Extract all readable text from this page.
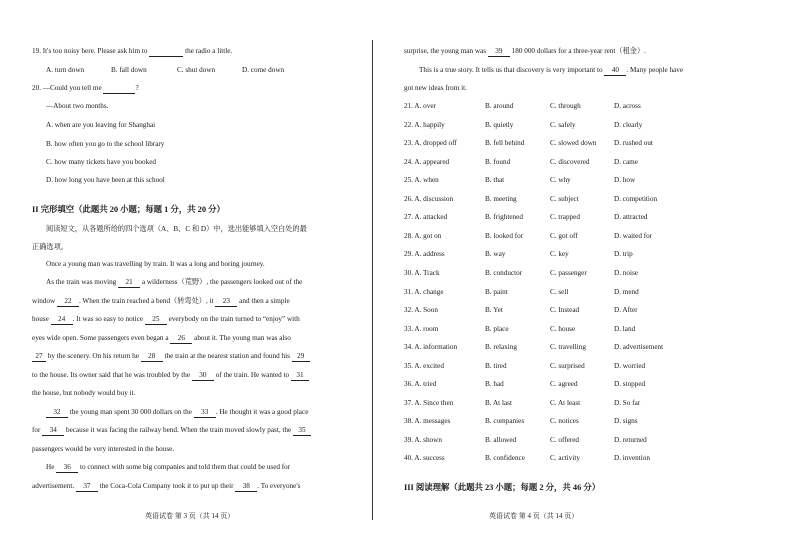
19. It's too noisy here. Please ask him to	the radio a little.
A. turn down	B. fall down	C. shut down	D. come down
20. —Could you tell me	?
—About two months.
A. when are you leaving for Shanghai
B. how often you go to the school library
C. how many tickets have you booked
D. how long you have been at this school
II 完形填空（此题共 20 小题；每题 1 分，共 20 分）
阅读短文，从各题所给的四个选项（A、B、C 和 D）中，选出能够填入空白处的最
正确选项。
Once a young man was travelling by train. It was a long and boring journey.
As the train was moving 21 a wilderness（荒野）, the passengers looked out of the
window 22 . When the train reached a bend（转弯处）, it 23 and then a simple
house 24 . It was so easy to notice 25 everybody on the train turned to “enjoy” with
eyes wide open. Some passengers even began a 26 about it. The young man was also
27 by the scenery. On his return he 28 the train at the nearest station and found his 29
to the house. Its owner said that he was troubled by the 30 of the train. He wanted to 31
the house, but nobody would buy it.
32 the young man spent 30 000 dollars on the 33 . He thought it was a good place
for 34 because it was facing the railway bend. When the train moved slowly past, the 35
passengers would be very interested in the house.
He 36 to connect with some big companies and told them that could be used for
advertisement. 37 the Coca-Cola Company took it to put up their 38 . To everyone's
英语试卷 第 3 页（共 14 页）
surprise, the young man was 39 180 000 dollars for a three-year rent（租金）.
This is a true story. It tells us that discovery is very important to 40 . Many people have
got new ideas from it.
21. A. over	B. around	C. through	D. across
22. A. happily	B. quietly	C. safely	D. clearly
23. A. dropped off	B. fell behind	C. slowed down D. rushed out
24. A. appeared	B. found	C. discovered	D. came
25. A. when	B. that	C. why	D. how
26. A. discussion	B. meeting	C. subject	D. competition
27. A. attacked	B. frightened	C. trapped	D. attracted
28. A. got on	B. looked for	C. got off	D. waited for
29. A. address	B. way	C. key	D. trip
30. A. Track	B. conductor	C. passenger	D. noise
31. A. change	B. paint	C. sell	D. mend
32. A. Soon	B. Yet	C. Instead	D. After
33. A. room	B. place	C. house	D. land
34. A. information	B. relaxing	C. travelling	D. advertisement
35. A. excited	B. tired	C. surprised	D. worried
36. A. tried	B. had	C. agreed	D. stopped
37. A. Since then	B. At last	C. At least	D. So far
38. A. messages	B. companies	C. notices	D. signs
39. A. shown	B. allowed	C. offered	D. returned
40. A. success	B. confidence	C. activity	D. invention
III 阅读理解（此题共 23 小题；每题 2 分，共 46 分）
英语试卷 第 4 页（共 14 页）
